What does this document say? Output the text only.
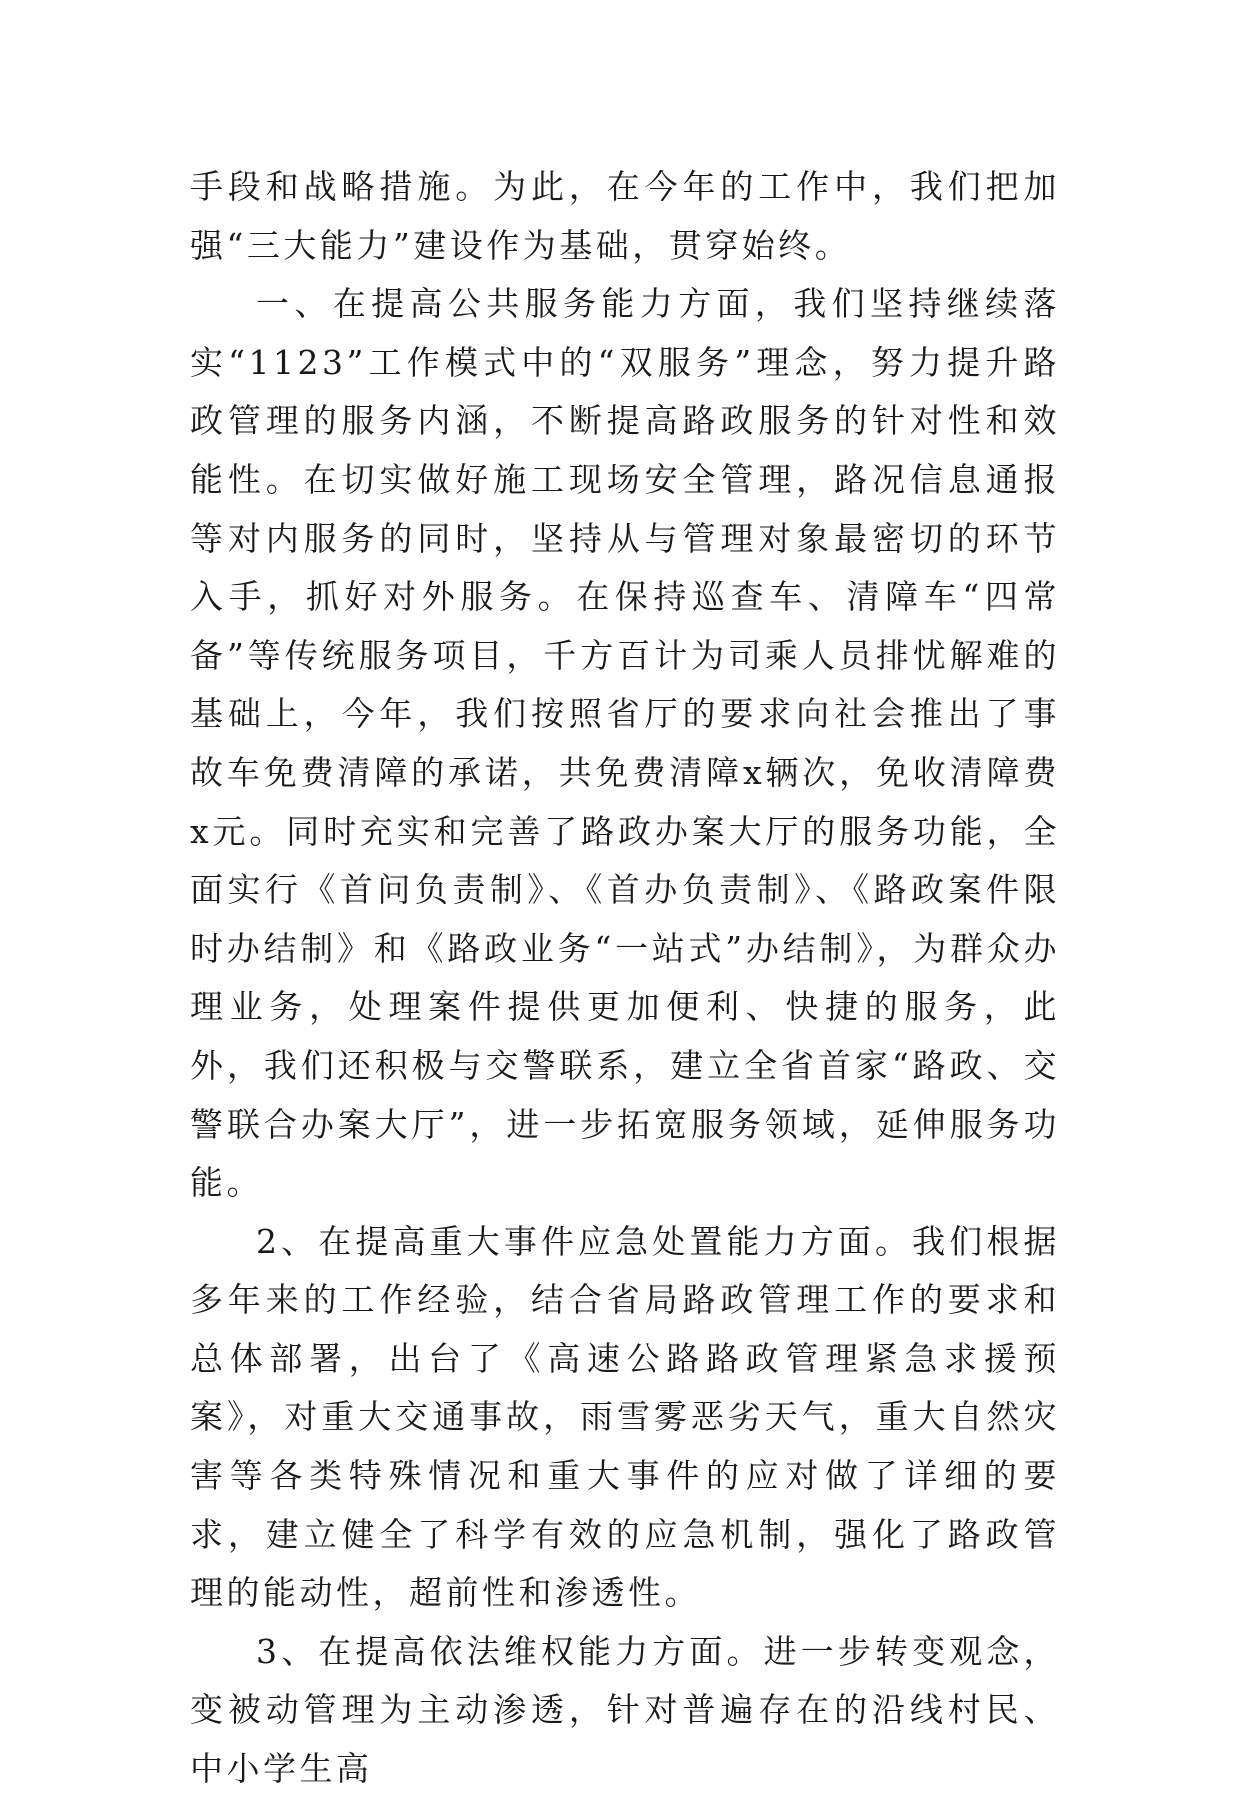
手段和战略措施。为此，在今年的工作中，我们把加强“三大能力”建设作为基础，贯穿始终。

一、在提高公共服务能力方面，我们坚持继续落实“1123”工作模式中的“双服务”理念，努力提升路政管理的服务内涵，不断提高路政服务的针对性和效能性。在切实做好施工现场安全管理，路况信息通报等对内服务的同时，坚持从与管理对象最密切的环节入手，抓好对外服务。在保持巡查车、清障车“四常备”等传统服务项目，千方百计为司乘人员排忧解难的基础上，今年，我们按照省厅的要求向社会推出了事故车免费清障的承诺，共免费清障x辆次，免收清障费x元。同时充实和完善了路政办案大厅的服务功能，全面实行《首问负责制》、《首办负责制》、《路政案件限时办结制》和《路政业务“一站式”办结制》，为群众办理业务，处理案件提供更加便利、快捷的服务，此外，我们还积极与交警联系，建立全省首家“路政、交警联合办案大厅”，进一步拓宽服务领域，延伸服务功能。

2、在提高重大事件应急处置能力方面。我们根据多年来的工作经验，结合省局路政管理工作的要求和总体部署，出台了《高速公路路政管理紧急求援预案》，对重大交通事故，雨雪雾恶劣天气，重大自然灾害等各类特殊情况和重大事件的应对做了详细的要求，建立健全了科学有效的应急机制，强化了路政管理的能动性，超前性和渗透性。

3、在提高依法维权能力方面。进一步转变观念，变被动管理为主动渗透，针对普遍存在的沿线村民、中小学生高
